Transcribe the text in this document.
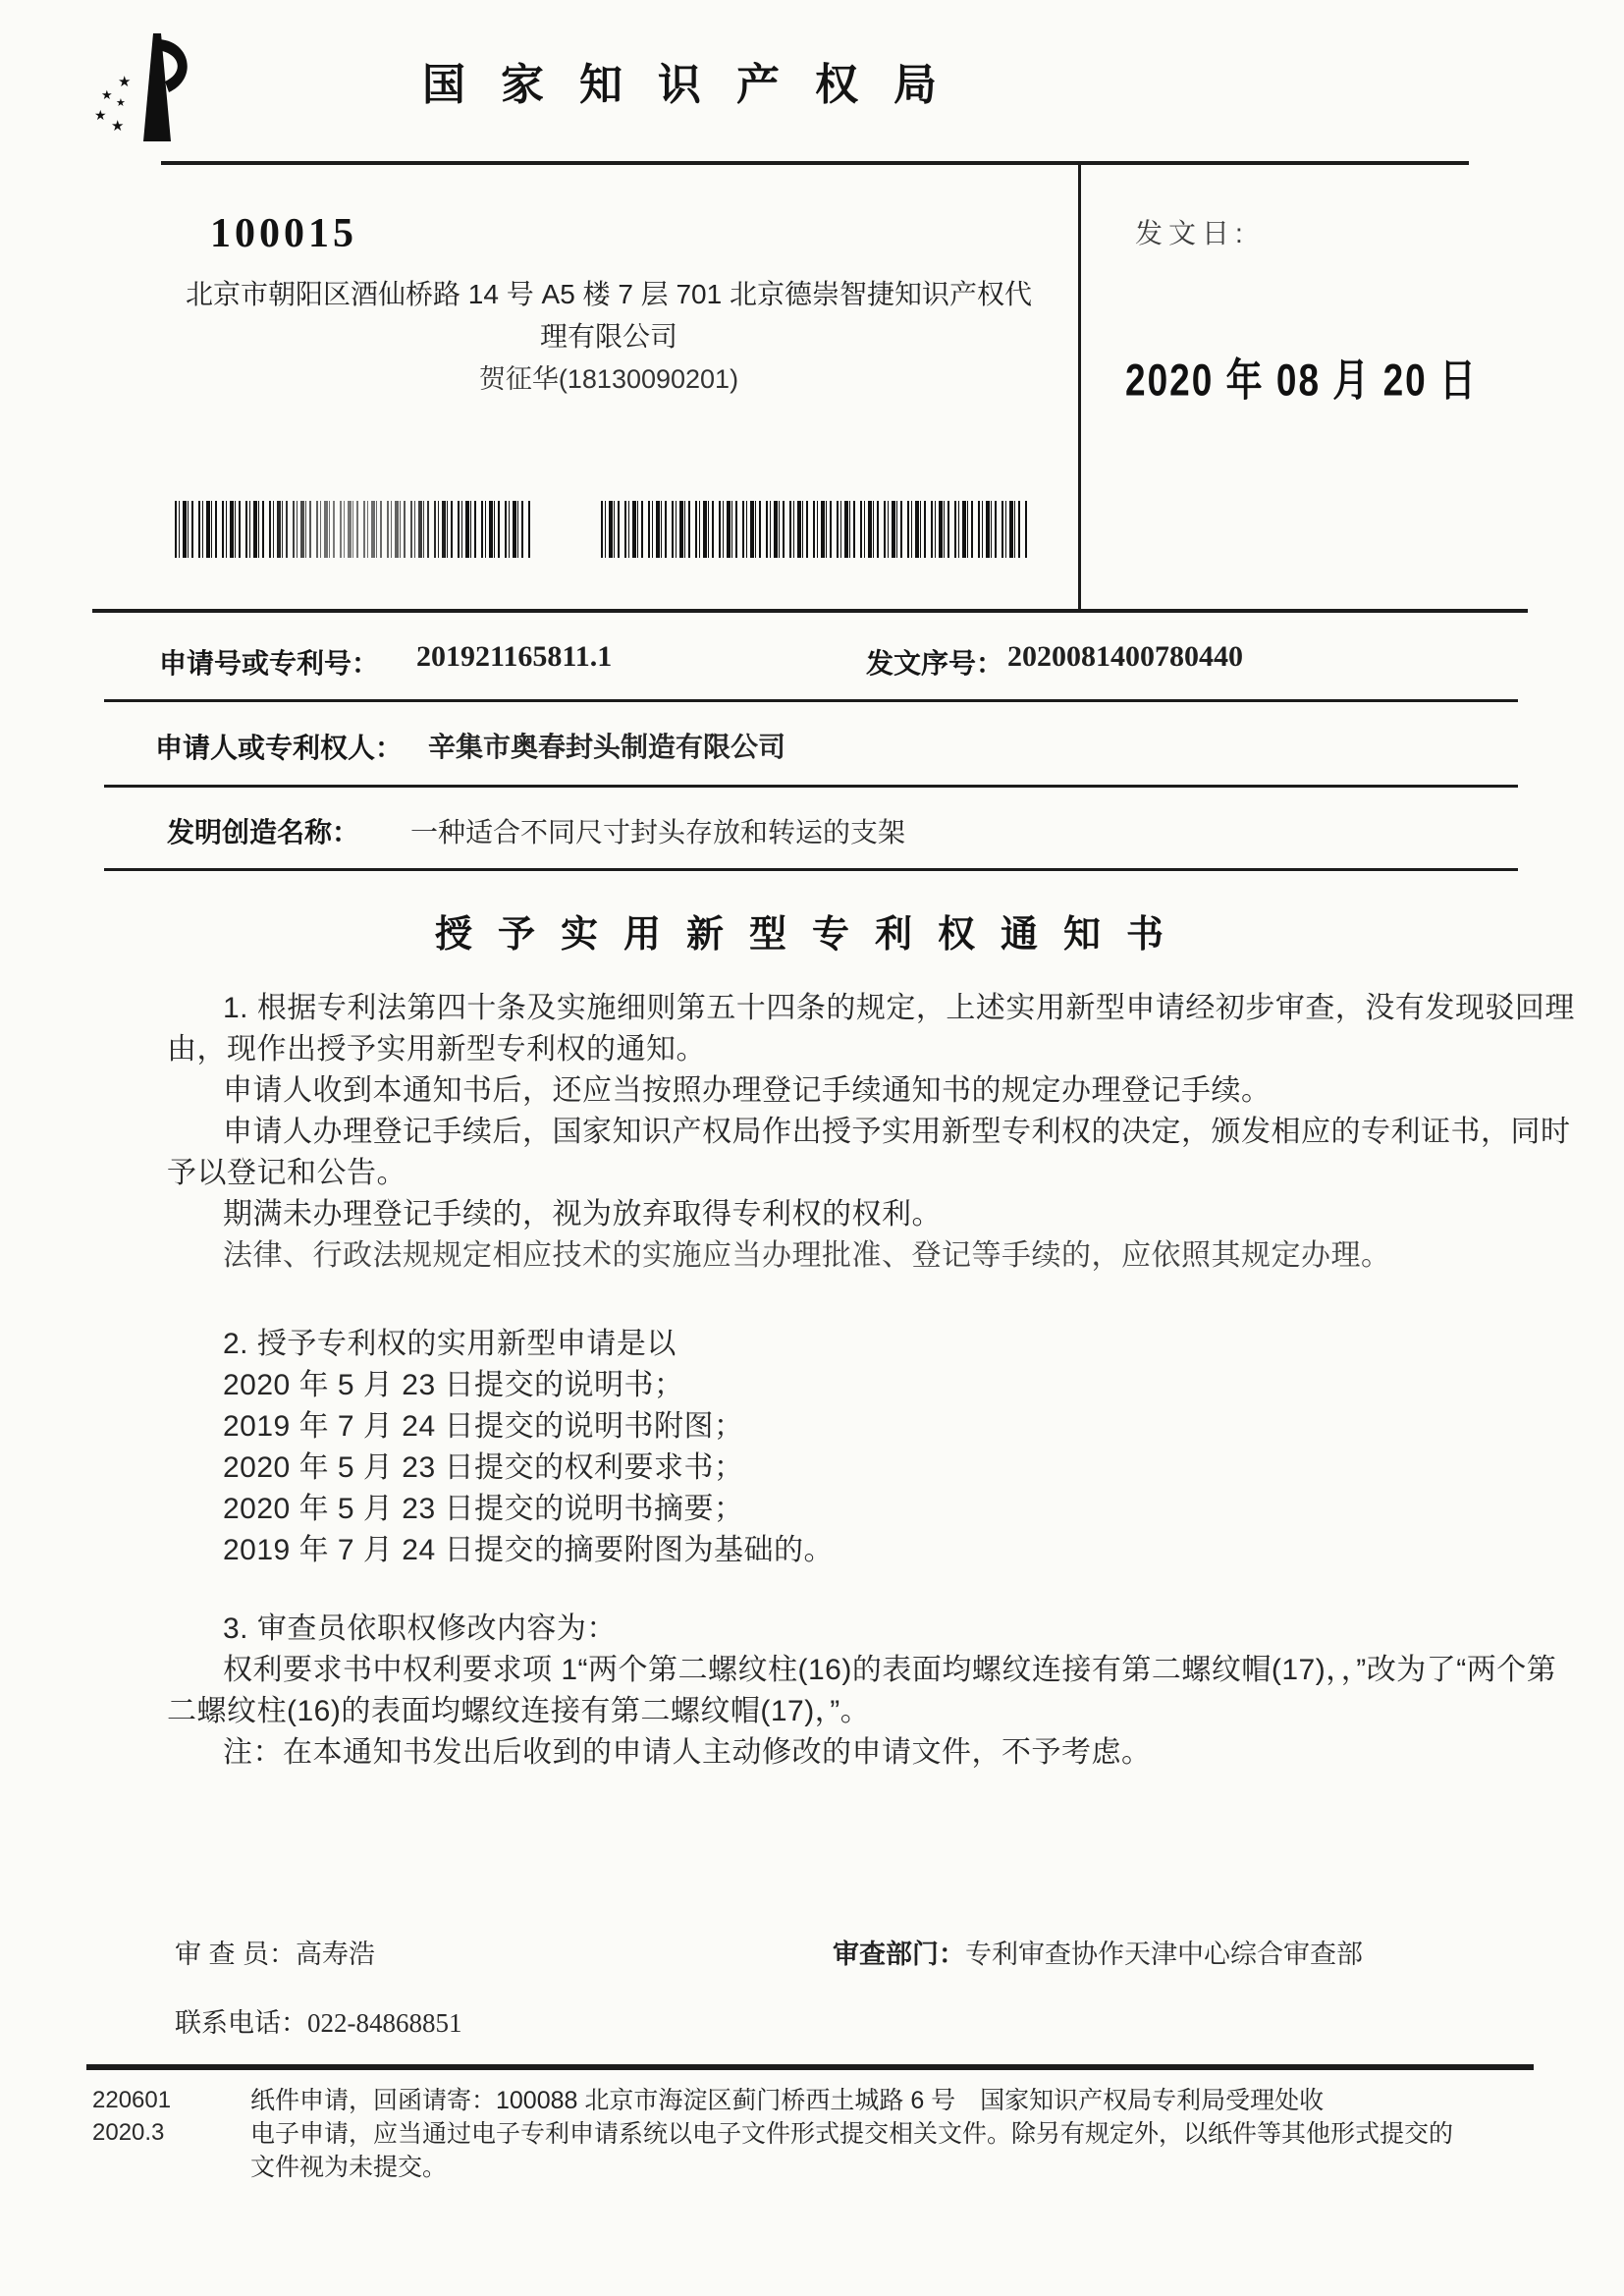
★
★
★
★
★
国家知识产权局
100015
北京市朝阳区酒仙桥路 14 号 A5 楼 7 层 701 北京德崇智捷知识产权代
理有限公司
贺征华(18130090201)
发文日:
2020 年 08 月 20 日
申请号或专利号： 201921165811.1	发文序号： 2020081400780440
申请人或专利权人： 辛集市奥春封头制造有限公司
发明创造名称： 一种适合不同尺寸封头存放和转运的支架
授予实用新型专利权通知书
1. 根据专利法第四十条及实施细则第五十四条的规定，上述实用新型申请经初步审查，没有发现驳回理
由，现作出授予实用新型专利权的通知。
申请人收到本通知书后，还应当按照办理登记手续通知书的规定办理登记手续。
申请人办理登记手续后，国家知识产权局作出授予实用新型专利权的决定，颁发相应的专利证书，同时
予以登记和公告。
期满未办理登记手续的，视为放弃取得专利权的权利。
法律、行政法规规定相应技术的实施应当办理批准、登记等手续的，应依照其规定办理。
2. 授予专利权的实用新型申请是以
2020 年 5 月 23 日提交的说明书；
2019 年 7 月 24 日提交的说明书附图；
2020 年 5 月 23 日提交的权利要求书；
2020 年 5 月 23 日提交的说明书摘要；
2019 年 7 月 24 日提交的摘要附图为基础的。
3. 审查员依职权修改内容为：
权利要求书中权利要求项 1“两个第二螺纹柱(16)的表面均螺纹连接有第二螺纹帽(17)，，”改为了“两个第
二螺纹柱(16)的表面均螺纹连接有第二螺纹帽(17)，”。
注：在本通知书发出后收到的申请人主动修改的申请文件，不予考虑。
审 查 员：高寿浩	审查部门：专利审查协作天津中心综合审查部
联系电话：022-84868851
220601
2020.3
纸件申请，回函请寄：100088 北京市海淀区蓟门桥西土城路 6 号　国家知识产权局专利局受理处收
电子申请，应当通过电子专利申请系统以电子文件形式提交相关文件。除另有规定外，以纸件等其他形式提交的
文件视为未提交。
